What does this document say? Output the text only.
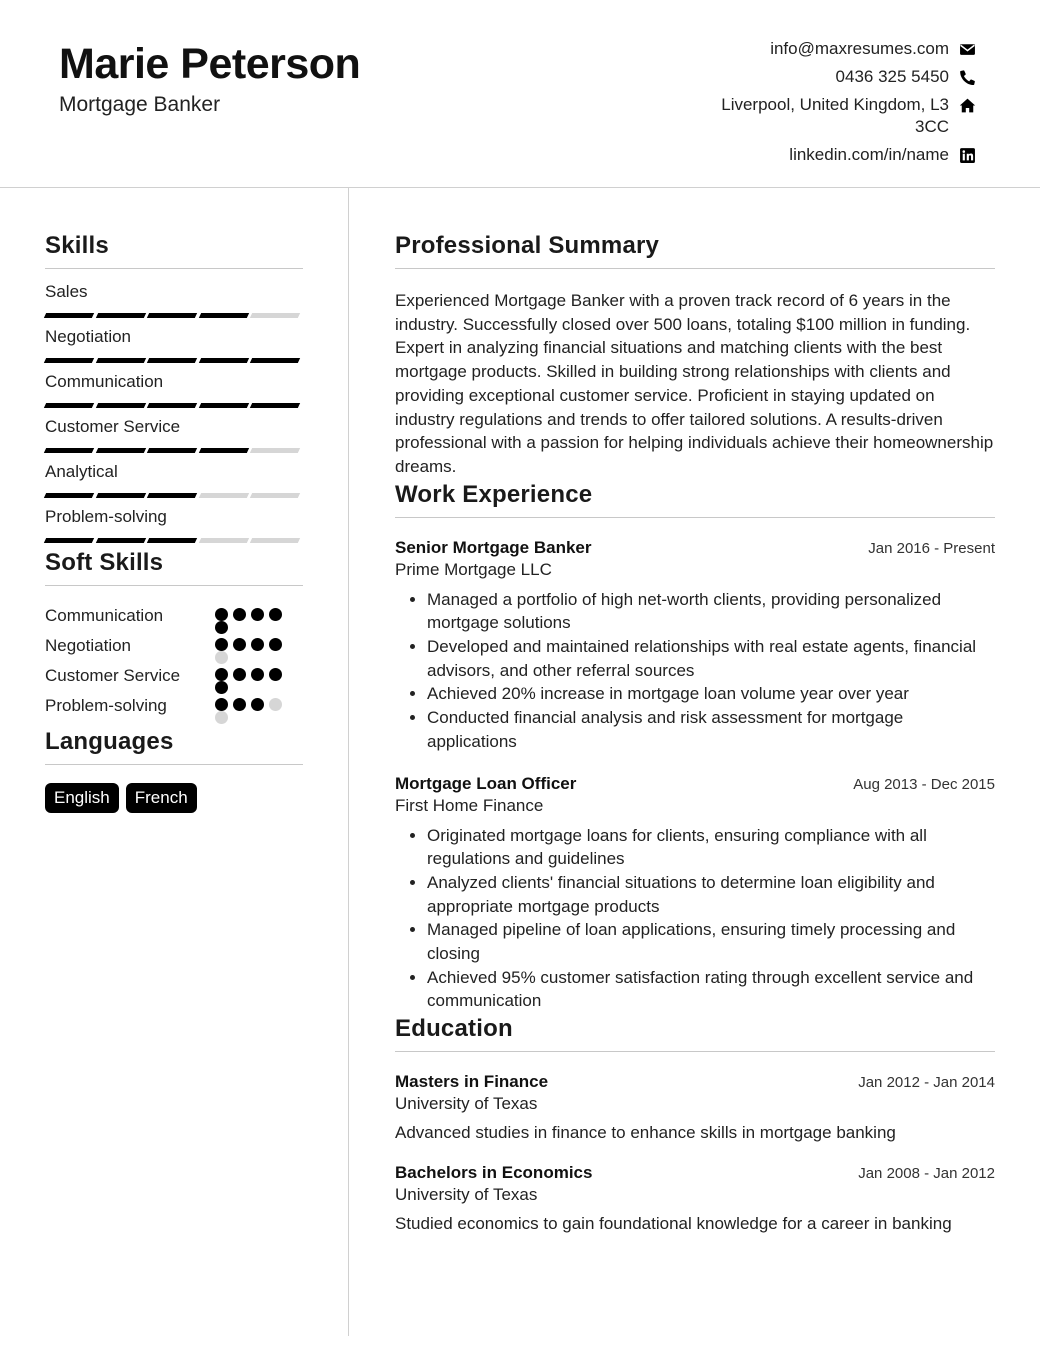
Marie Peterson
Mortgage Banker
info@maxresumes.com
0436 325 5450
Liverpool, United Kingdom, L3 3CC
linkedin.com/in/name
Skills
Sales
Negotiation
Communication
Customer Service
Analytical
Problem-solving
Soft Skills
Communication
Negotiation
Customer Service
Problem-solving
Languages
English	French
Professional Summary

Experienced Mortgage Banker with a proven track record of 6 years in the industry. Successfully closed over 500 loans, totaling $100 million in funding. Expert in analyzing financial situations and matching clients with the best mortgage products. Skilled in building strong relationships with clients and providing exceptional customer service. Proficient in staying updated on industry regulations and trends to offer tailored solutions. A results-driven professional with a passion for helping individuals achieve their homeownership dreams.

Work Experience
Senior Mortgage Banker	Jan 2016 - Present
Prime Mortgage LLC
• Managed a portfolio of high net-worth clients, providing personalized mortgage solutions
• Developed and maintained relationships with real estate agents, financial advisors, and other referral sources
• Achieved 20% increase in mortgage loan volume year over year
• Conducted financial analysis and risk assessment for mortgage applications
Mortgage Loan Officer	Aug 2013 - Dec 2015
First Home Finance
• Originated mortgage loans for clients, ensuring compliance with all regulations and guidelines
• Analyzed clients' financial situations to determine loan eligibility and appropriate mortgage products
• Managed pipeline of loan applications, ensuring timely processing and closing
• Achieved 95% customer satisfaction rating through excellent service and communication
Education
Masters in Finance	Jan 2012 - Jan 2014
University of Texas
Advanced studies in finance to enhance skills in mortgage banking
Bachelors in Economics	Jan 2008 - Jan 2012
University of Texas
Studied economics to gain foundational knowledge for a career in banking
